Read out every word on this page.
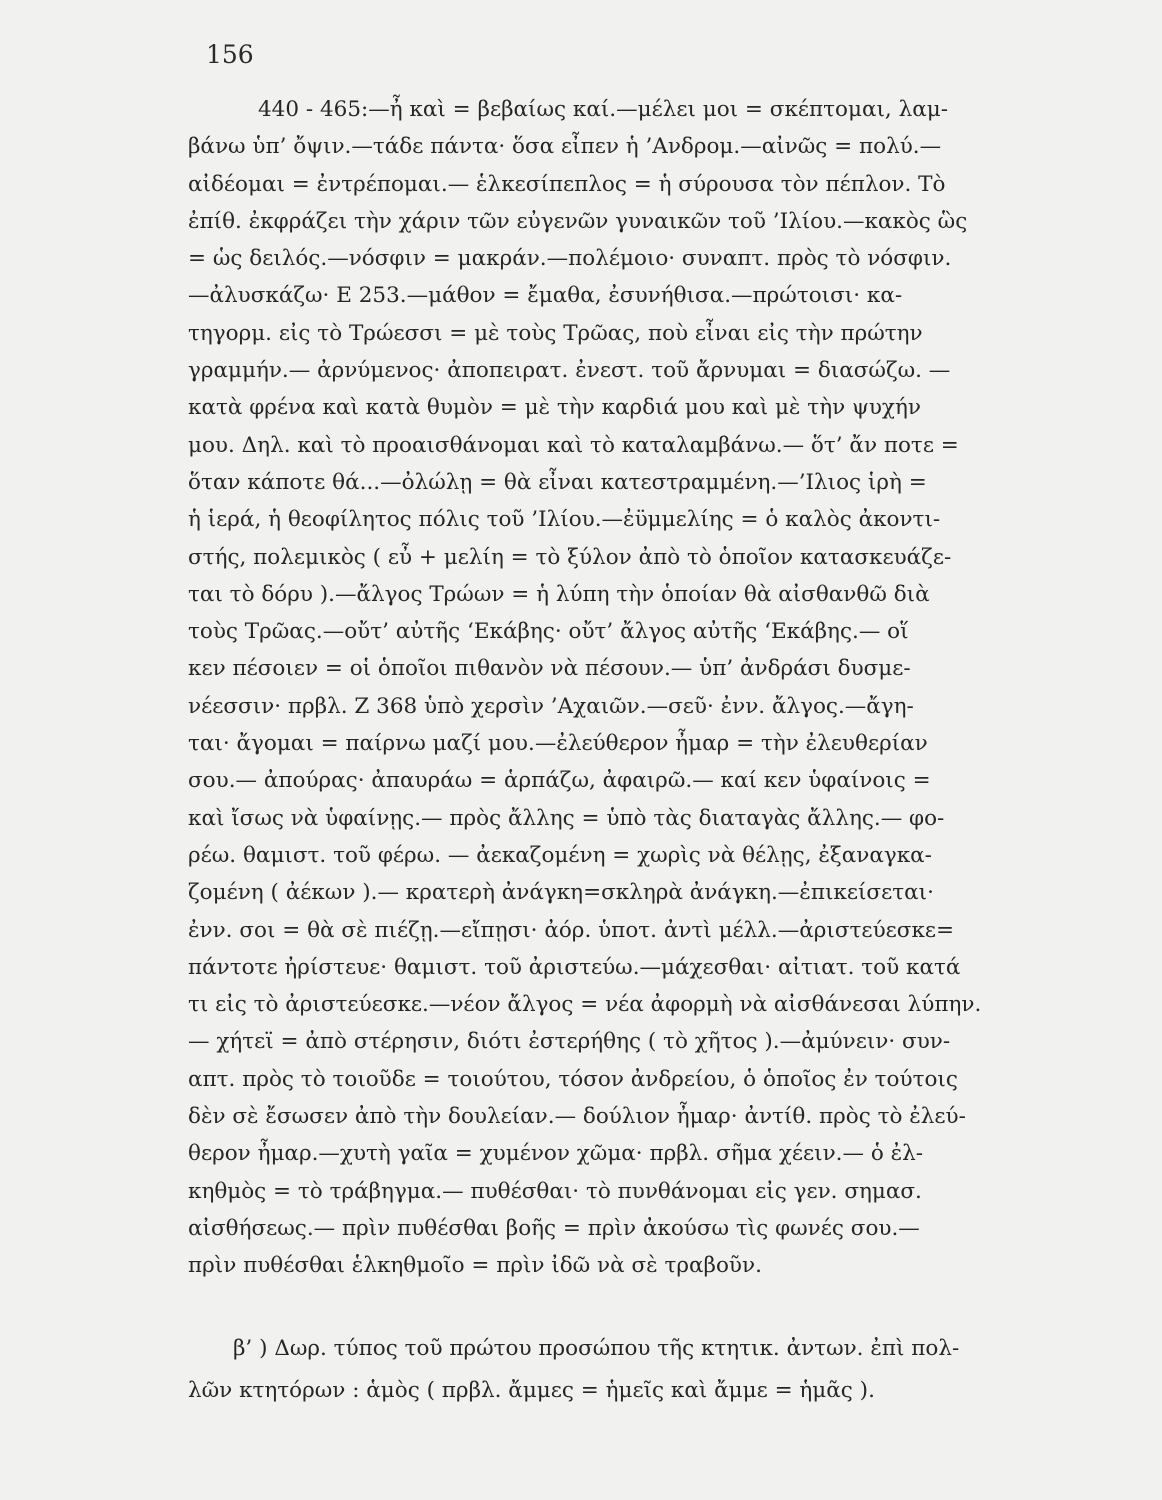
156
440 - 465:—ἦ καὶ = βεβαίως καί.—μέλει μοι = σκέπτομαι, λαμ-
βάνω ὑπ’ ὄψιν.—τάδε πάντα· ὅσα εἶπεν ἡ ’Ανδρομ.—αἰνῶς = πολύ.—
αἰδέομαι = ἐντρέπομαι.— ἑλκεσίπεπλος = ἡ σύρουσα τὸν πέπλον. Τὸ
ἐπίθ. ἐκφράζει τὴν χάριν τῶν εὐγενῶν γυναικῶν τοῦ ’Ιλίου.—κακὸς ὣς
= ὡς δειλός.—νόσφιν = μακράν.—πολέμοιο· συναπτ. πρὸς τὸ νόσφιν.
—ἀλυσκάζω· Ε 253.—μάθον = ἔμαθα, ἐσυνήθισα.—πρώτοισι· κα-
τηγορμ. εἰς τὸ Τρώεσσι = μὲ τοὺς Τρῶας, ποὺ εἶναι εἰς τὴν πρώτην
γραμμήν.— ἀρνύμενος· ἀποπειρατ. ἐνεστ. τοῦ ἄρνυμαι = διασώζω. —
κατὰ φρένα καὶ κατὰ θυμὸν = μὲ τὴν καρδιά μου καὶ μὲ τὴν ψυχήν
μου. Δηλ. καὶ τὸ προαισθάνομαι καὶ τὸ καταλαμβάνω.— ὅτ’ ἄν ποτε =
ὅταν κάποτε θά...—ὀλώλῃ = θὰ εἶναι κατεστραμμένη.—’Ιλιος ἱρὴ =
ἡ ἱερά, ἡ θεοφίλητος πόλις τοῦ ’Ιλίου.—ἐϋμμελίης = ὁ καλὸς ἀκοντι-
στής, πολεμικὸς ( εὖ + μελίη = τὸ ξύλον ἀπὸ τὸ ὁποῖον κατασκευάζε-
ται τὸ δόρυ ).—ἄλγος Τρώων = ἡ λύπη τὴν ὁποίαν θὰ αἰσθανθῶ διὰ
τοὺς Τρῶας.—οὔτ’ αὐτῆς ‘Εκάβης· οὔτ’ ἄλγος αὐτῆς ‘Εκάβης.— οἵ
κεν πέσοιεν = οἱ ὁποῖοι πιθανὸν νὰ πέσουν.— ὑπ’ ἀνδράσι δυσμε-
νέεσσιν· πρβλ. Ζ 368 ὑπὸ χερσὶν ’Αχαιῶν.—σεῦ· ἐνν. ἄλγος.—ἄγη-
ται· ἄγομαι = παίρνω μαζί μου.—ἐλεύθερον ἦμαρ = τὴν ἐλευθερίαν
σου.— ἀπούρας· ἀπαυράω = ἁρπάζω, ἀφαιρῶ.— καί κεν ὑφαίνοις =
καὶ ἴσως νὰ ὑφαίνῃς.— πρὸς ἄλλης = ὑπὸ τὰς διαταγὰς ἄλλης.— φο-
ρέω. θαμιστ. τοῦ φέρω. — ἀεκαζομένη = χωρὶς νὰ θέλῃς, ἐξαναγκα-
ζομένη ( ἀέκων ).— κρατερὴ ἀνάγκη=σκληρὰ ἀνάγκη.—ἐπικείσεται·
ἐνν. σοι = θὰ σὲ πιέζῃ.—εἴπῃσι· ἀόρ. ὑποτ. ἀντὶ μέλλ.—ἀριστεύεσκε=
πάντοτε ἠρίστευε· θαμιστ. τοῦ ἀριστεύω.—μάχεσθαι· αἰτιατ. τοῦ κατά
τι εἰς τὸ ἀριστεύεσκε.—νέον ἄλγος = νέα ἀφορμὴ νὰ αἰσθάνεσαι λύπην.
— χήτεϊ = ἀπὸ στέρησιν, διότι ἐστερήθης ( τὸ χῆτος ).—ἀμύνειν· συν-
απτ. πρὸς τὸ τοιοῦδε = τοιούτου, τόσον ἀνδρείου, ὁ ὁποῖος ἐν τούτοις
δὲν σὲ ἔσωσεν ἀπὸ τὴν δουλείαν.— δούλιον ἦμαρ· ἀντίθ. πρὸς τὸ ἐλεύ-
θερον ἦμαρ.—χυτὴ γαῖα = χυμένον χῶμα· πρβλ. σῆμα χέειν.— ὁ ἐλ-
κηθμὸς = τὸ τράβηγμα.— πυθέσθαι· τὸ πυνθάνομαι εἰς γεν. σημασ.
αἰσθήσεως.— πρὶν πυθέσθαι βοῆς = πρὶν ἀκούσω τὶς φωνές σου.—
πρὶν πυθέσθαι ἑλκηθμοῖο = πρὶν ἰδῶ νὰ σὲ τραβοῦν.
β’ ) Δωρ. τύπος τοῦ πρώτου προσώπου τῆς κτητικ. ἀντων. ἐπὶ πολ-
λῶν κτητόρων : ἁμὸς ( πρβλ. ἄμμες = ἡμεῖς καὶ ἄμμε = ἡμᾶς ).
